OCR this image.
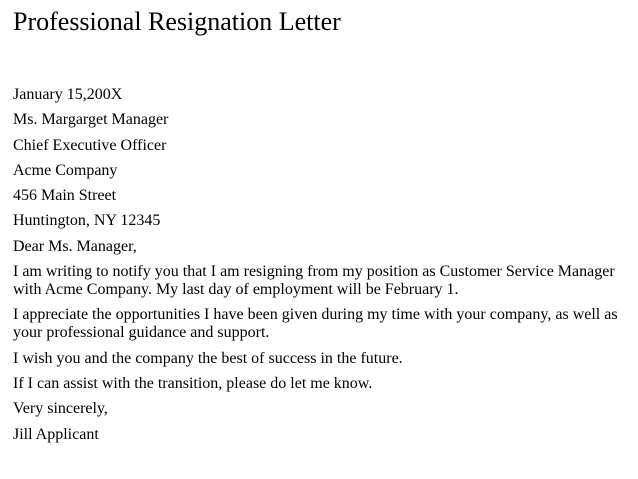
Professional Resignation Letter
January 15,200X
Ms. Margarget Manager
Chief Executive Officer
Acme Company
456 Main Street
Huntington, NY 12345
Dear Ms. Manager,
I am writing to notify you that I am resigning from my position as Customer Service Manager with Acme Company. My last day of employment will be February 1.
I appreciate the opportunities I have been given during my time with your company, as well as your professional guidance and support.
I wish you and the company the best of success in the future.
If I can assist with the transition, please do let me know.
Very sincerely,
Jill Applicant
